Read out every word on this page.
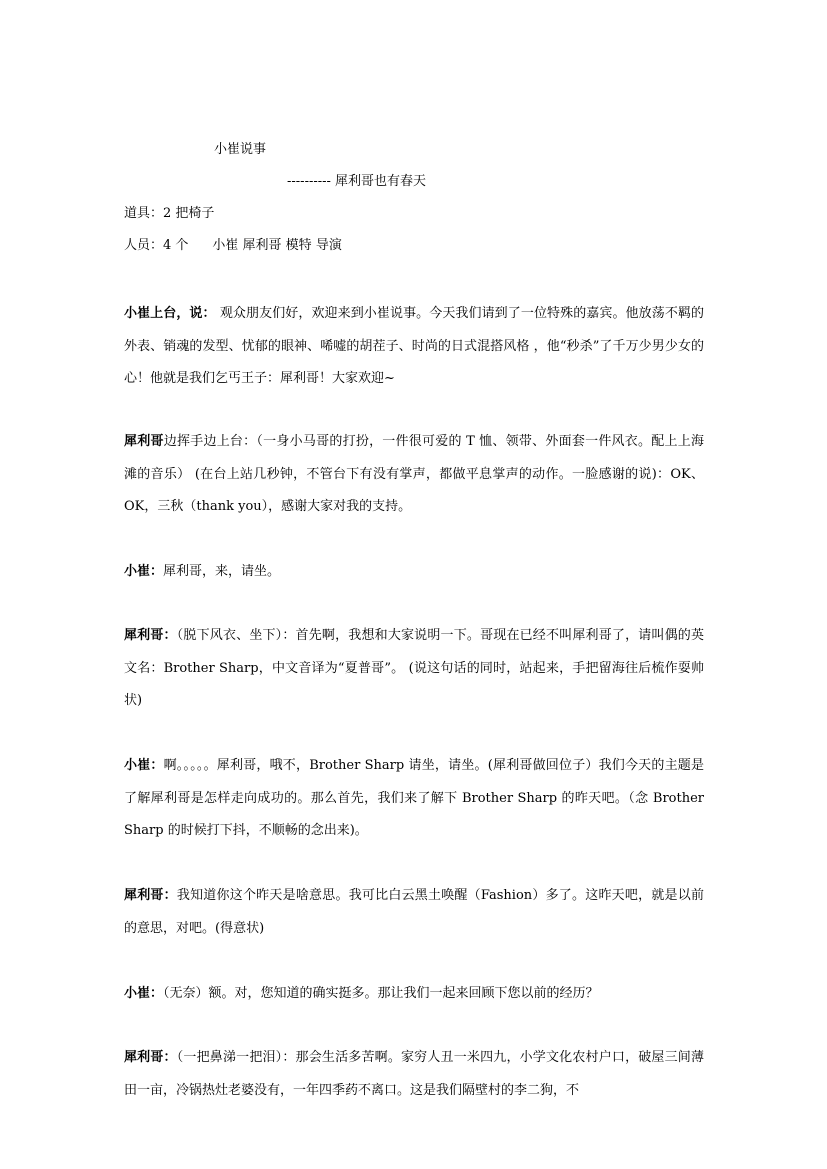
小崔说事
---------- 犀利哥也有春天
道具：2 把椅子
人员：4 个 小崔 犀利哥 模特 导演
小崔上台，说： 观众朋友们好，欢迎来到小崔说事。今天我们请到了一位特殊的嘉宾。他放荡不羁的外表、销魂的发型、忧郁的眼神、唏嘘的胡茬子、时尚的日式混搭风格 ，他“秒杀”了千万少男少女的心！他就是我们乞丐王子：犀利哥！大家欢迎~
犀利哥边挥手边上台：（一身小马哥的打扮，一件很可爱的 T 恤、领带、外面套一件风衣。配上上海滩的音乐） (在台上站几秒钟，不管台下有没有掌声，都做平息掌声的动作。一脸感谢的说)：OK、OK，三秋（thank you），感谢大家对我的支持。
小崔：犀利哥，来，请坐。
犀利哥：（脱下风衣、坐下）：首先啊，我想和大家说明一下。哥现在已经不叫犀利哥了，请叫偶的英文名：Brother Sharp，中文音译为“夏普哥”。 (说这句话的同时，站起来，手把留海往后梳作耍帅状)
小崔：啊。。。。。犀利哥，哦不，Brother Sharp 请坐，请坐。(犀利哥做回位子）我们今天的主题是了解犀利哥是怎样走向成功的。那么首先，我们来了解下 Brother Sharp 的昨天吧。（念 Brother Sharp 的时候打下抖，不顺畅的念出来)。
犀利哥：我知道你这个昨天是啥意思。我可比白云黑土唤醒（Fashion）多了。这昨天吧，就是以前的意思，对吧。(得意状)
小崔：（无奈）额。对，您知道的确实挺多。那让我们一起来回顾下您以前的经历？
犀利哥：（一把鼻涕一把泪）：那会生活多苦啊。家穷人丑一米四九，小学文化农村户口，破屋三间薄田一亩，冷锅热灶老婆没有，一年四季药不离口。这是我们隔壁村的李二狗，不
